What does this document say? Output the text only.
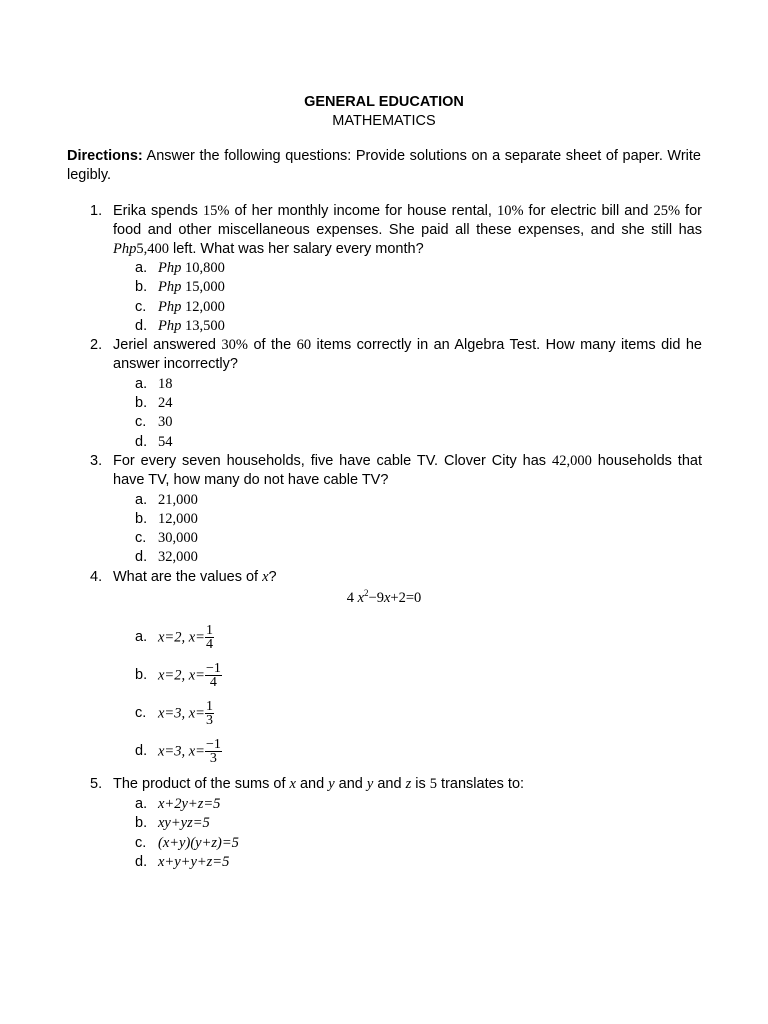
GENERAL EDUCATION
MATHEMATICS
Directions: Answer the following questions: Provide solutions on a separate sheet of paper. Write legibly.
1. Erika spends 15% of her monthly income for house rental, 10% for electric bill and 25% for food and other miscellaneous expenses. She paid all these expenses, and she still has Php5,400 left. What was her salary every month?
a. Php 10,800
b. Php 15,000
c. Php 12,000
d. Php 13,500
2. Jeriel answered 30% of the 60 items correctly in an Algebra Test. How many items did he answer incorrectly?
a. 18
b. 24
c. 30
d. 54
3. For every seven households, five have cable TV. Clover City has 42,000 households that have TV, how many do not have cable TV?
a. 21,000
b. 12,000
c. 30,000
d. 32,000
4. What are the values of x?
4 $x^2-9x+2=0$
a. x=2, $x= \frac{1}{4}$
b. x=2, $x= \frac{-1}{4}$
c. x=3, $x= \frac{1}{3}$
d. x=3, $x= \frac{-1}{3}$
5. The product of the sums of x and y and y and z is 5 translates to:
a. x+2y+z=5
b. xy+yz=5
c. (x+y)(y+z)=5
d. x+y+y+z=5
